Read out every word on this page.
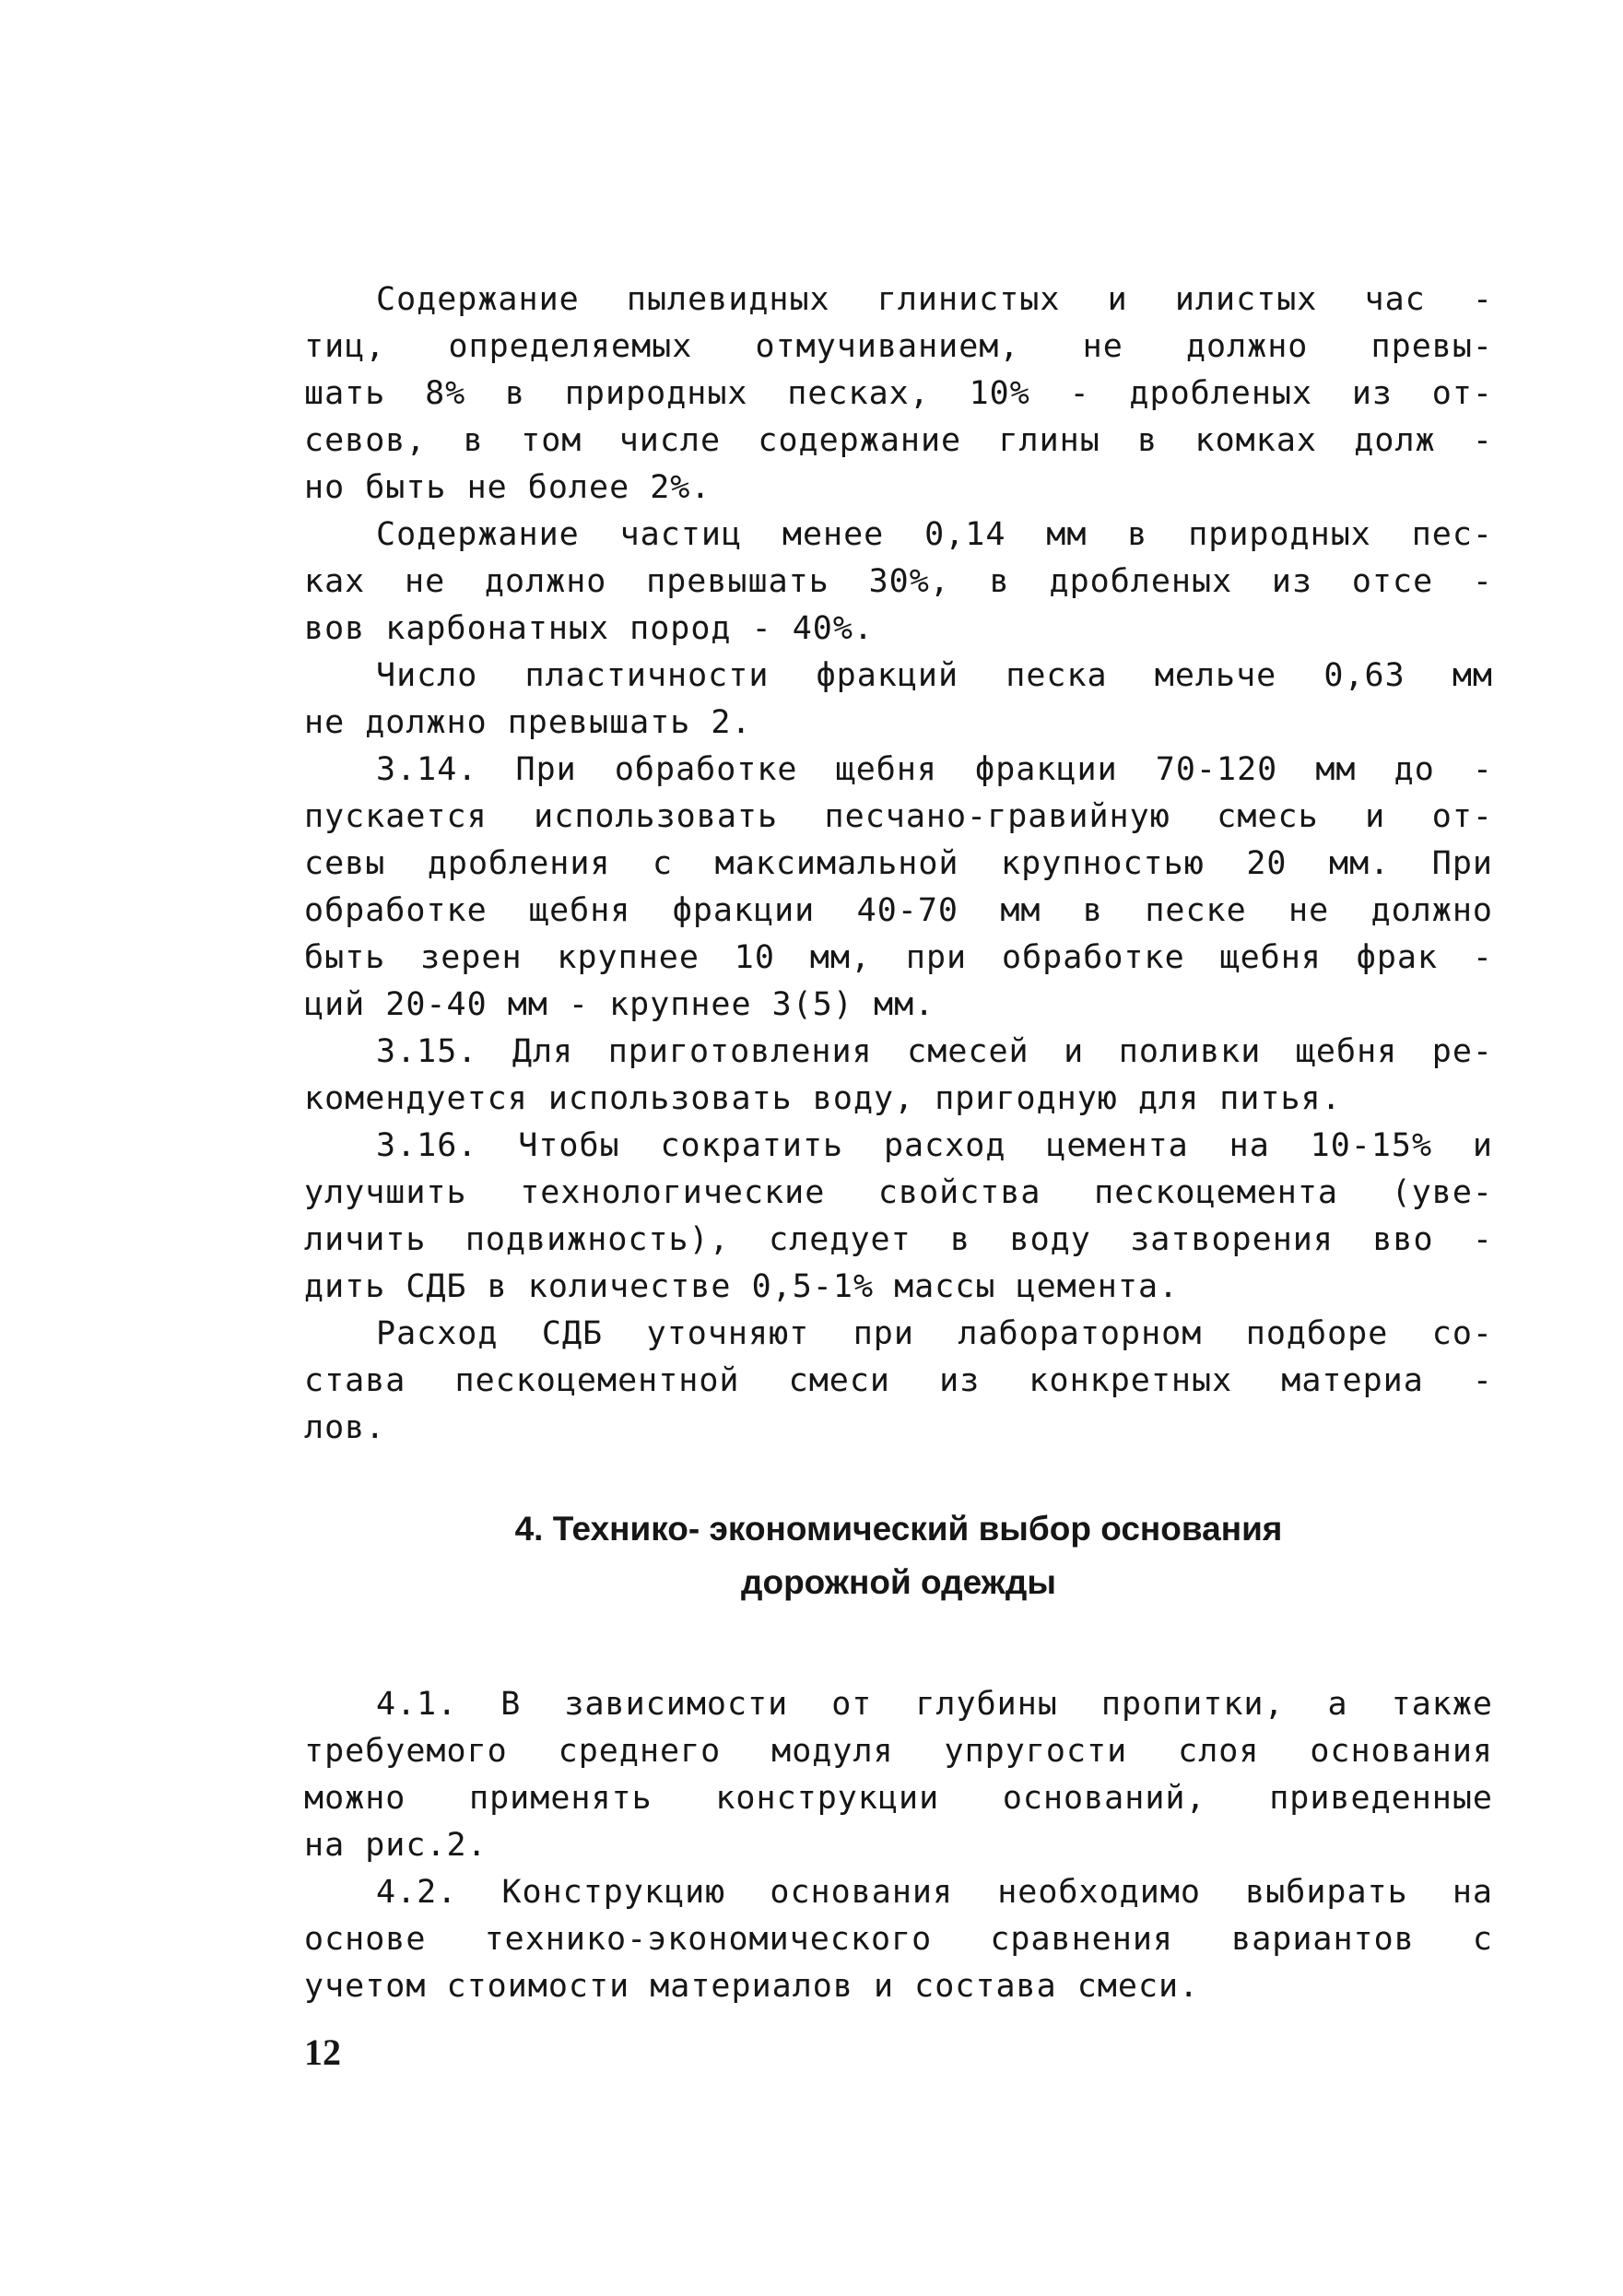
Содержание пылевидных глинистых и илистых час -
тиц, определяемых отмучиванием, не должно превы-
шать 8% в природных песках, 10% - дробленых из от-
севов, в том числе содержание глины в комках долж -
но быть не более 2%.
Содержание частиц менее 0,14 мм в природных пес-
ках не должно превышать 30%, в дробленых из отсе -
вов карбонатных пород - 40%.
Число пластичности фракций песка мельче 0,63 мм
не должно превышать 2.
3.14. При обработке щебня фракции 70-120 мм до -
пускается использовать песчано-гравийную смесь и от-
севы дробления с максимальной крупностью 20 мм. При
обработке щебня фракции 40-70 мм в песке не должно
быть зерен крупнее 10 мм, при обработке щебня фрак -
ций 20-40 мм - крупнее 3(5) мм.
3.15. Для приготовления смесей и поливки щебня ре-
комендуется использовать воду, пригодную для питья.
3.16. Чтобы сократить расход цемента на 10-15% и
улучшить технологические свойства пескоцемента (уве-
личить подвижность), следует в воду затворения вво -
дить СДБ в количестве 0,5-1% массы цемента.
Расход СДБ уточняют при лабораторном подборе со-
става пескоцементной смеси из конкретных материа -
лов.
4. Технико- экономический выбор основания
дорожной одежды
4.1. В зависимости от глубины пропитки, а также
требуемого среднего модуля упругости слоя основания
можно применять конструкции оснований, приведенные
на рис.2.
4.2. Конструкцию основания необходимо выбирать на
основе технико-экономического сравнения вариантов с
учетом стоимости материалов и состава смеси.
12
